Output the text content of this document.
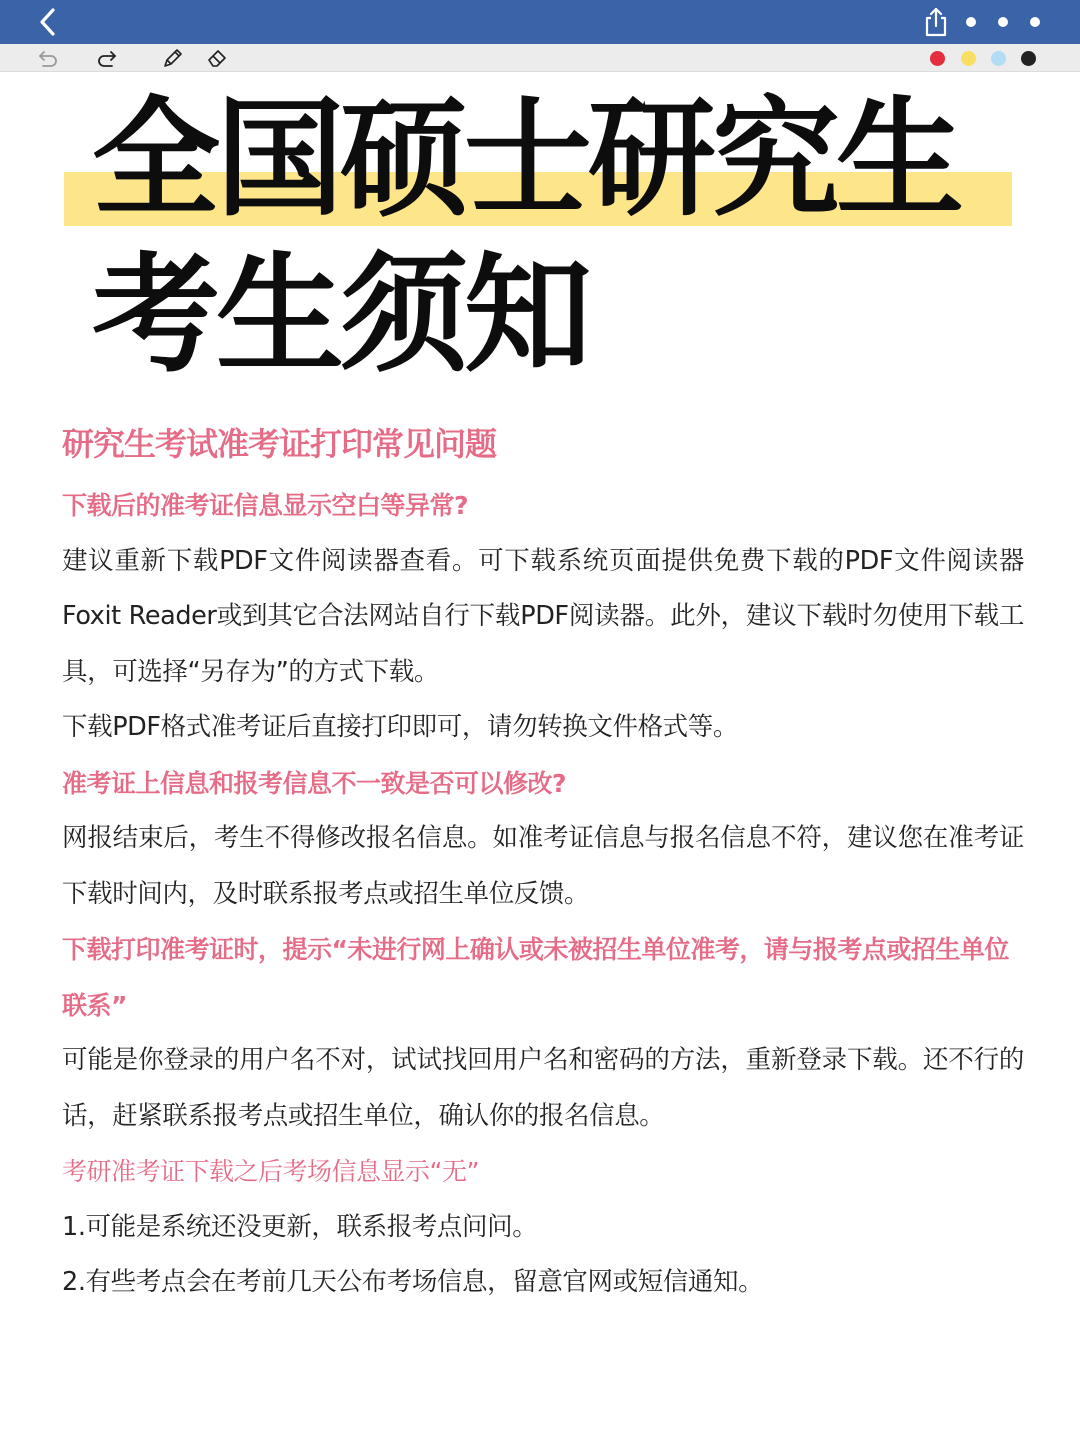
全国硕士研究生
考生须知
研究生考试准考证打印常见问题

下载后的准考证信息显示空白等异常?

建议重新下载PDF文件阅读器查看。可下载系统页面提供免费下载的PDF文件阅读器Foxit Reader或到其它合法网站自行下载PDF阅读器。此外，建议下载时勿使用下载工具，可选择“另存为”的方式下载。

下载PDF格式准考证后直接打印即可，请勿转换文件格式等。

准考证上信息和报考信息不一致是否可以修改?

网报结束后，考生不得修改报名信息。如准考证信息与报名信息不符，建议您在准考证下载时间内，及时联系报考点或招生单位反馈。

下载打印准考证时，提示“未进行网上确认或未被招生单位准考，请与报考点或招生单位联系”

可能是你登录的用户名不对，试试找回用户名和密码的方法，重新登录下载。还不行的话，赶紧联系报考点或招生单位，确认你的报名信息。

考研准考证下载之后考场信息显示“无”

1.可能是系统还没更新，联系报考点问问。

2.有些考点会在考前几天公布考场信息，留意官网或短信通知。
